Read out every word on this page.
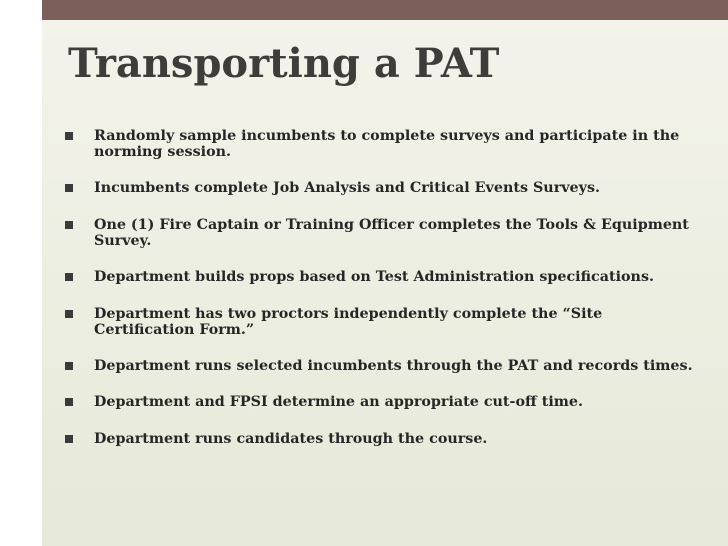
Transporting a PAT
Randomly sample incumbents to complete surveys and participate in the norming session.
Incumbents complete Job Analysis and Critical Events Surveys.
One (1) Fire Captain or Training Officer completes the Tools & Equipment Survey.
Department builds props based on Test Administration specifications.
Department has two proctors independently complete the “Site Certification Form.”
Department runs selected incumbents through the PAT and records times.
Department and FPSI determine an appropriate cut-off time.
Department runs candidates through the course.
